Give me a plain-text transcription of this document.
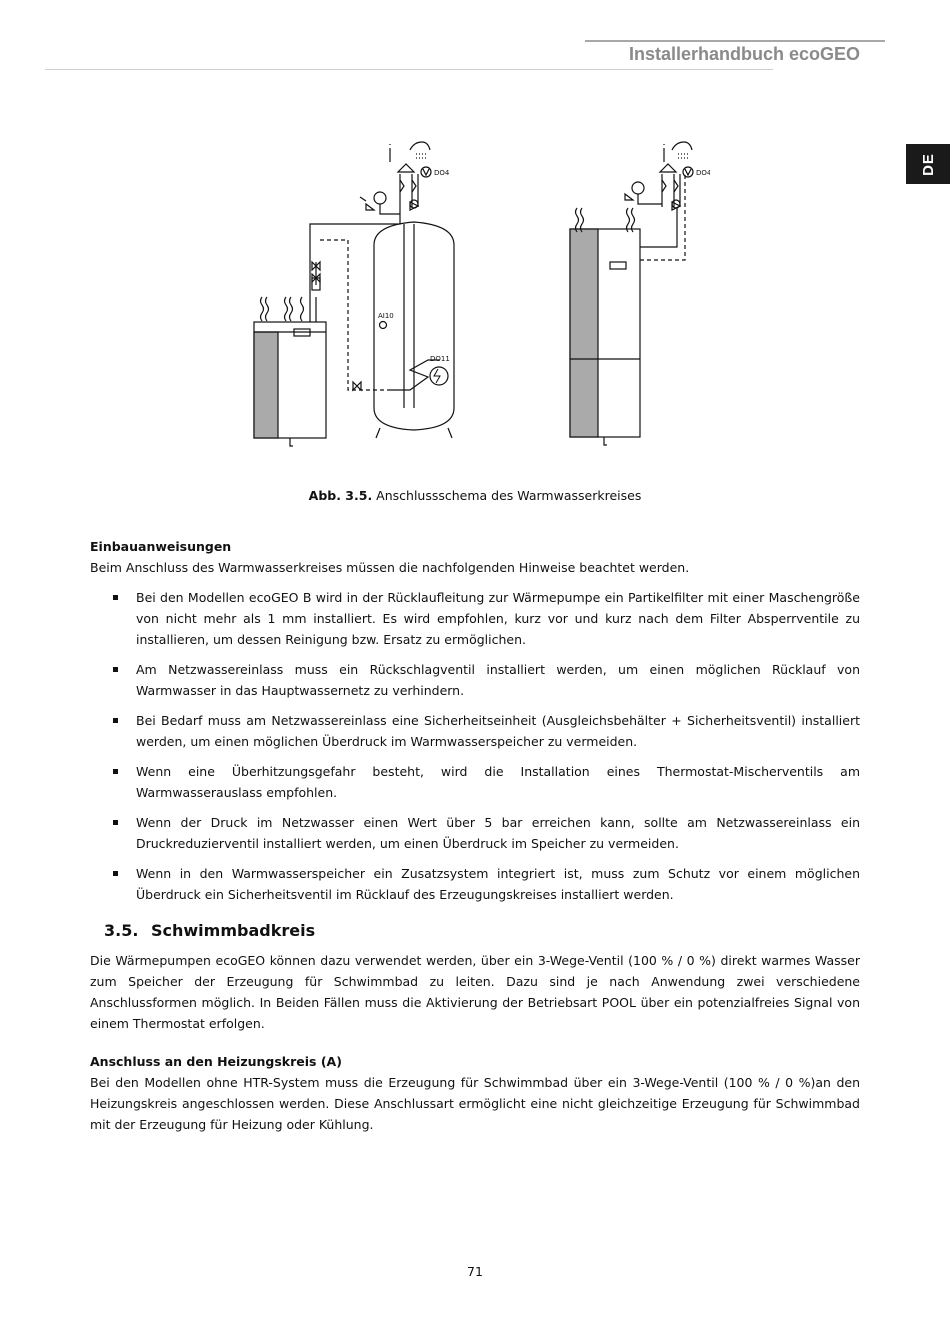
Installerhandbuch ecoGEO
DE
DO4	DO4
AI10
DO11
Abb. 3.5. Anschlussschema des Warmwasserkreises
Einbauanweisungen
Beim Anschluss des Warmwasserkreises müssen die nachfolgenden Hinweise beachtet werden.
Bei den Modellen ecoGEO B wird in der Rücklaufleitung zur Wärmepumpe ein Partikelfilter mit einer Maschengröße von nicht mehr als 1 mm installiert. Es wird empfohlen, kurz vor und kurz nach dem Filter Absperrventile zu installieren, um dessen Reinigung bzw. Ersatz zu ermöglichen.
Am Netzwassereinlass muss ein Rückschlagventil installiert werden, um einen möglichen Rücklauf von Warmwasser in das Hauptwassernetz zu verhindern.
Bei Bedarf muss am Netzwassereinlass eine Sicherheitseinheit (Ausgleichsbehälter + Sicherheitsventil) installiert werden, um einen möglichen Überdruck im Warmwasserspeicher zu vermeiden.
Wenn eine Überhitzungsgefahr besteht, wird die Installation eines Thermostat-Mischerventils am Warmwasserauslass empfohlen.
Wenn der Druck im Netzwasser einen Wert über 5 bar erreichen kann, sollte am Netzwassereinlass ein Druckreduzierventil installiert werden, um einen Überdruck im Speicher zu vermeiden.
Wenn in den Warmwasserspeicher ein Zusatzsystem integriert ist, muss zum Schutz vor einem möglichen Überdruck ein Sicherheitsventil im Rücklauf des Erzeugungskreises installiert werden.
3.5. Schwimmbadkreis
Die Wärmepumpen ecoGEO können dazu verwendet werden, über ein 3-Wege-Ventil (100 % / 0 %) direkt warmes Wasser zum Speicher der Erzeugung für Schwimmbad zu leiten. Dazu sind je nach Anwendung zwei verschiedene Anschlussformen möglich. In Beiden Fällen muss die Aktivierung der Betriebsart POOL über ein potenzialfreies Signal von einem Thermostat erfolgen.
Anschluss an den Heizungskreis (A)
Bei den Modellen ohne HTR-System muss die Erzeugung für Schwimmbad über ein 3-Wege-Ventil (100 % / 0 %)an den Heizungskreis angeschlossen werden. Diese Anschlussart ermöglicht eine nicht gleichzeitige Erzeugung für Schwimmbad mit der Erzeugung für Heizung oder Kühlung.
71
